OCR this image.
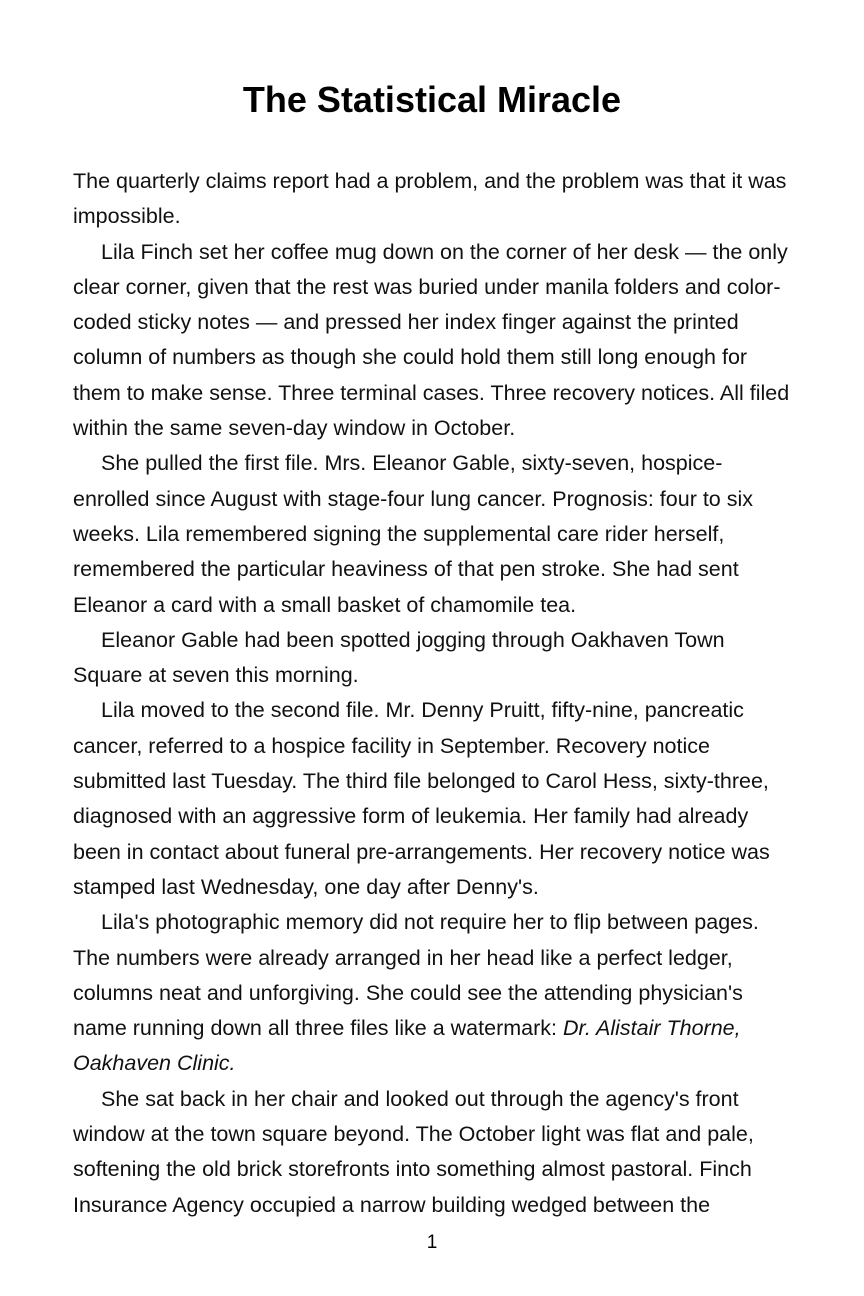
The Statistical Miracle

The quarterly claims report had a problem, and the problem was that it was impossible.

Lila Finch set her coffee mug down on the corner of her desk — the only clear corner, given that the rest was buried under manila folders and color-coded sticky notes — and pressed her index finger against the printed column of numbers as though she could hold them still long enough for them to make sense. Three terminal cases. Three recovery notices. All filed within the same seven-day window in October.

She pulled the first file. Mrs. Eleanor Gable, sixty-seven, hospice-enrolled since August with stage-four lung cancer. Prognosis: four to six weeks. Lila remembered signing the supplemental care rider herself, remembered the particular heaviness of that pen stroke. She had sent Eleanor a card with a small basket of chamomile tea.

Eleanor Gable had been spotted jogging through Oakhaven Town Square at seven this morning.

Lila moved to the second file. Mr. Denny Pruitt, fifty-nine, pancreatic cancer, referred to a hospice facility in September. Recovery notice submitted last Tuesday. The third file belonged to Carol Hess, sixty-three, diagnosed with an aggressive form of leukemia. Her family had already been in contact about funeral pre-arrangements. Her recovery notice was stamped last Wednesday, one day after Denny's.

Lila's photographic memory did not require her to flip between pages. The numbers were already arranged in her head like a perfect ledger, columns neat and unforgiving. She could see the attending physician's name running down all three files like a watermark: Dr. Alistair Thorne, Oakhaven Clinic.

She sat back in her chair and looked out through the agency's front window at the town square beyond. The October light was flat and pale, softening the old brick storefronts into something almost pastoral. Finch Insurance Agency occupied a narrow building wedged between the

1
